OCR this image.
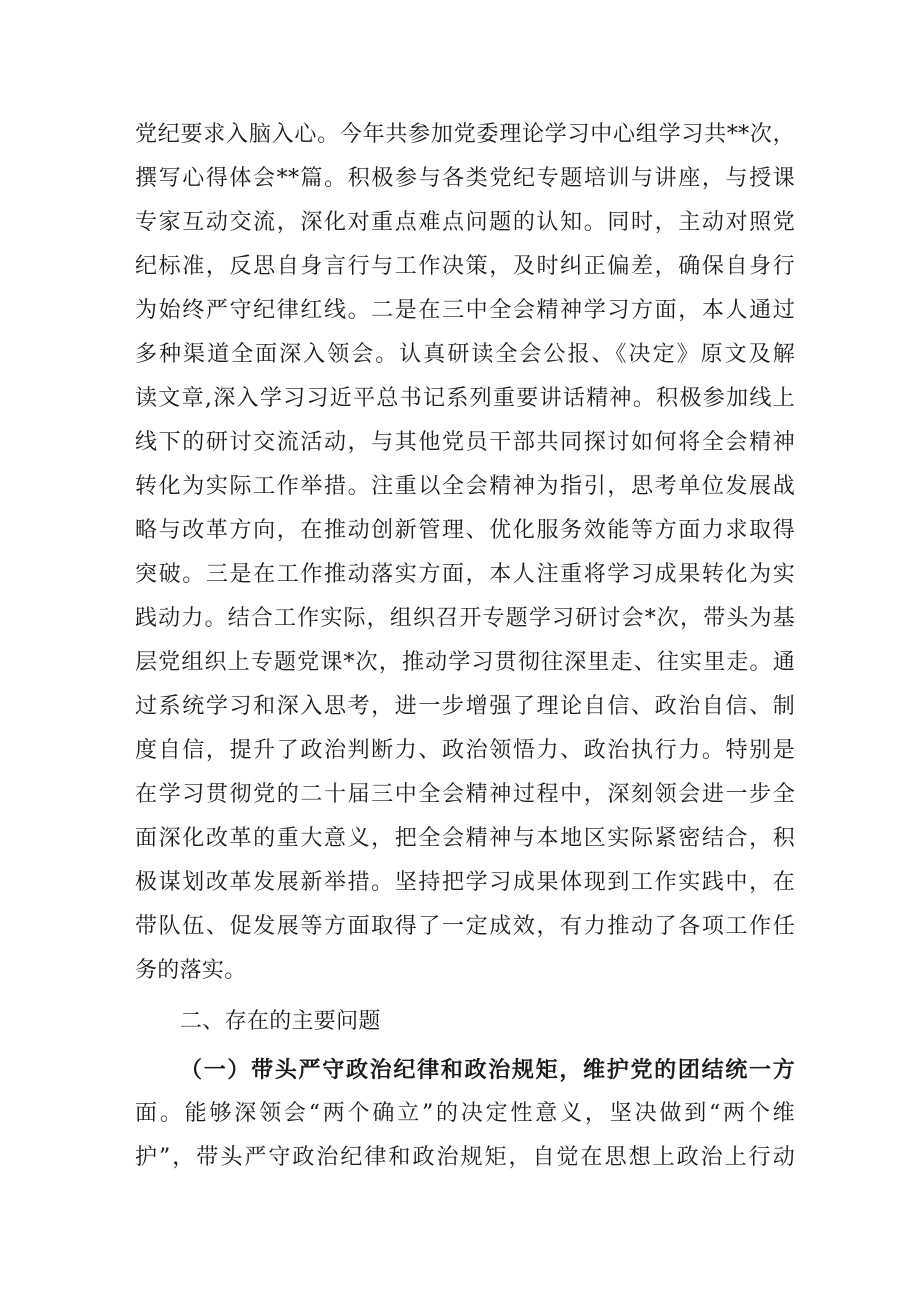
党纪要求入脑入心。今年共参加党委理论学习中心组学习共**次，
撰写心得体会**篇。积极参与各类党纪专题培训与讲座，与授课
专家互动交流，深化对重点难点问题的认知。同时，主动对照党
纪标准，反思自身言行与工作决策，及时纠正偏差，确保自身行
为始终严守纪律红线。二是在三中全会精神学习方面，本人通过
多种渠道全面深入领会。认真研读全会公报、《决定》原文及解
读文章,深入学习习近平总书记系列重要讲话精神。积极参加线上
线下的研讨交流活动，与其他党员干部共同探讨如何将全会精神
转化为实际工作举措。注重以全会精神为指引，思考单位发展战
略与改革方向，在推动创新管理、优化服务效能等方面力求取得
突破。三是在工作推动落实方面，本人注重将学习成果转化为实
践动力。结合工作实际，组织召开专题学习研讨会*次，带头为基
层党组织上专题党课*次，推动学习贯彻往深里走、往实里走。通
过系统学习和深入思考，进一步增强了理论自信、政治自信、制
度自信，提升了政治判断力、政治领悟力、政治执行力。特别是
在学习贯彻党的二十届三中全会精神过程中，深刻领会进一步全
面深化改革的重大意义，把全会精神与本地区实际紧密结合，积
极谋划改革发展新举措。坚持把学习成果体现到工作实践中，在
带队伍、促发展等方面取得了一定成效，有力推动了各项工作任
务的落实。
二、存在的主要问题
（一）带头严守政治纪律和政治规矩，维护党的团结统一方
面。能够深领会“两个确立”的决定性意义，坚决做到“两个维
护”，带头严守政治纪律和政治规矩，自觉在思想上政治上行动
